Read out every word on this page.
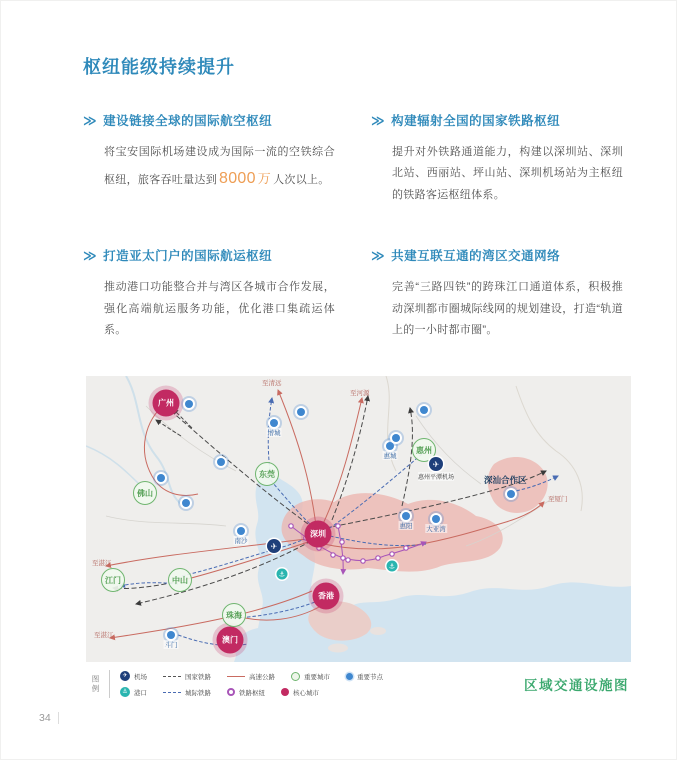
枢纽能级持续提升
≫ 建设链接全球的国际航空枢纽
将宝安国际机场建设成为国际一流的空铁综合枢纽，旅客吞吐量达到 8000 万 人次以上。
≫ 构建辐射全国的国家铁路枢纽
提升对外铁路通道能力，构建以深圳站、深圳北站、西丽站、坪山站、深圳机场站为主枢纽的铁路客运枢纽体系。
≫ 打造亚太门户的国际航运枢纽
推动港口功能整合并与湾区各城市合作发展，强化高端航运服务功能，优化港口集疏运体系。
≫ 共建互联互通的湾区交通网络
完善“三路四铁”的跨珠江口通道体系，积极推动深圳都市圈城际线网的规划建设，打造“轨道上的一小时都市圈”。
广州
深圳
香港
澳门
佛山
东莞
惠州
江门	中山
珠海
增城
惠城
惠阳 大亚湾
南沙
斗门
✈
✈
惠州平潭机场
⚓
⚓
至清远
至河源
至湛江
至湛江
至厦门
深汕合作区
图例	✈ 机场	国家铁路	高速公路	重要城市	重要节点
⚓ 港口	城际铁路	铁路枢纽	核心城市	区域交通设施图
34
